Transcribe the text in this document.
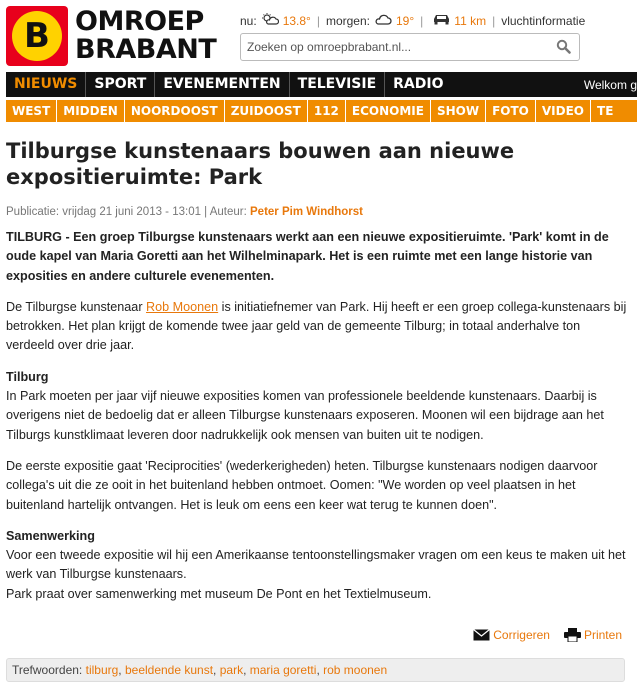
B OMROEP
BRABANT
nu: 13.8° | morgen: 19° |	11 km | vluchtinformatie
Zoeken op omroepbrabant.nl...
NIEUWS	SPORT	EVENEMENTEN	TELEVISIE	RADIO	Welkom g
WEST	MIDDEN	NOORDOOST	ZUIDOOST	112	ECONOMIE	SHOW	FOTO	VIDEO	TE
Tilburgse kunstenaars bouwen aan nieuwe expositieruimte: Park
Publicatie: vrijdag 21 juni 2013 - 13:01 | Auteur: Peter Pim Windhorst

TILBURG - Een groep Tilburgse kunstenaars werkt aan een nieuwe expositieruimte. 'Park' komt in de oude kapel van Maria Goretti aan het Wilhelminapark. Het is een ruimte met een lange historie van exposities en andere culturele evenementen.

De Tilburgse kunstenaar Rob Moonen is initiatiefnemer van Park. Hij heeft er een groep collega-kunstenaars bij betrokken. Het plan krijgt de komende twee jaar geld van de gemeente Tilburg; in totaal anderhalve ton verdeeld over drie jaar.

Tilburg

In Park moeten per jaar vijf nieuwe exposities komen van professionele beeldende kunstenaars. Daarbij is overigens niet de bedoelig dat er alleen Tilburgse kunstenaars exposeren. Moonen wil een bijdrage aan het Tilburgs kunstklimaat leveren door nadrukkelijk ook mensen van buiten uit te nodigen.

De eerste expositie gaat 'Reciprocities' (wederkerigheden) heten. Tilburgse kunstenaars nodigen daarvoor collega's uit die ze ooit in het buitenland hebben ontmoet. Oomen: "We worden op veel plaatsen in het buitenland hartelijk ontvangen. Het is leuk om eens een keer wat terug te kunnen doen".

Samenwerking

Voor een tweede expositie wil hij een Amerikaanse tentoonstellingsmaker vragen om een keus te maken uit het werk van Tilburgse kunstenaars.

Park praat over samenwerking met museum De Pont en het Textielmuseum.

Corrigeren	Printen
Trefwoorden: tilburg, beeldende kunst, park, maria goretti, rob moonen
